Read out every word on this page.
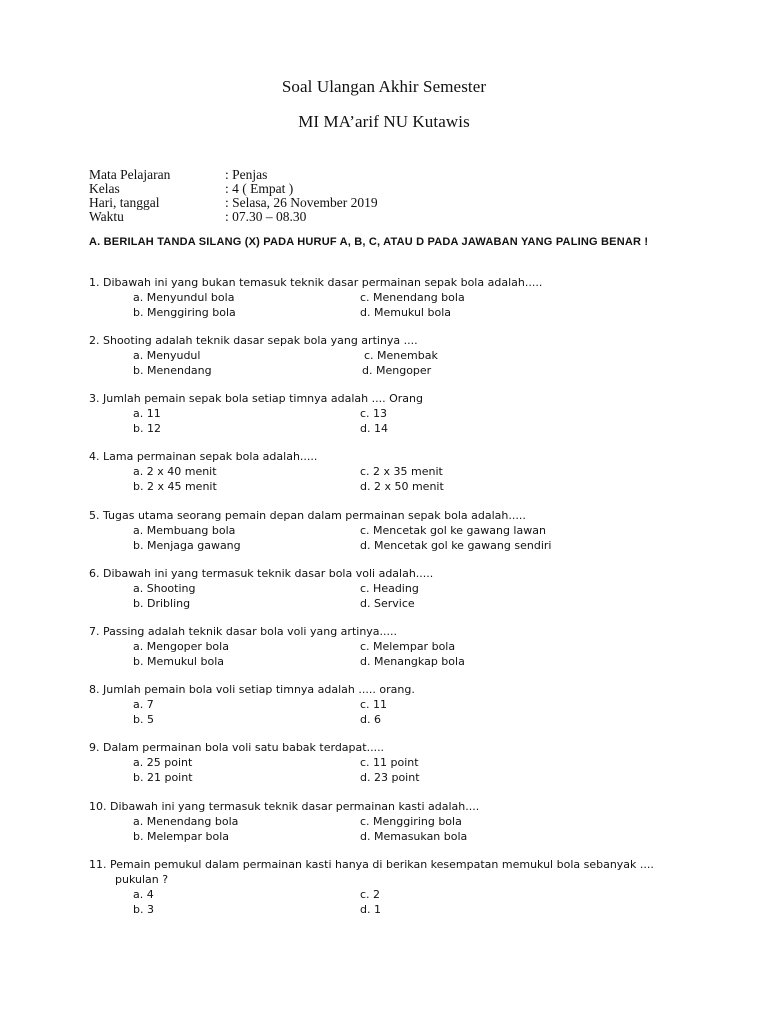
Soal Ulangan Akhir Semester
MI MA’arif NU Kutawis
Mata Pelajaran	: Penjas
Kelas	: 4 ( Empat )
Hari, tanggal	: Selasa, 26 November 2019
Waktu	: 07.30 – 08.30
A. BERILAH TANDA SILANG (X) PADA HURUF A, B, C, ATAU D PADA JAWABAN YANG PALING BENAR !
1. Dibawah ini yang bukan temasuk teknik dasar permainan sepak bola adalah.....
a. Menyundul bola	c. Menendang bola
b. Menggiring bola	d. Memukul bola
2. Shooting adalah teknik dasar sepak bola yang artinya ....
a. Menyudul	c. Menembak
b. Menendang	d. Mengoper
3. Jumlah pemain sepak bola setiap timnya adalah .... Orang
a. 11	c. 13
b. 12	d. 14
4. Lama permainan sepak bola adalah.....
a. 2 x 40 menit	c. 2 x 35 menit
b. 2 x 45 menit	d. 2 x 50 menit
5. Tugas utama seorang pemain depan dalam permainan sepak bola adalah.....
a. Membuang bola	c. Mencetak gol ke gawang lawan
b. Menjaga gawang	d. Mencetak gol ke gawang sendiri
6. Dibawah ini yang termasuk teknik dasar bola voli adalah.....
a. Shooting	c. Heading
b. Dribling	d. Service
7. Passing adalah teknik dasar bola voli yang artinya.....
a. Mengoper bola	c. Melempar bola
b. Memukul bola	d. Menangkap bola
8. Jumlah pemain bola voli setiap timnya adalah ..... orang.
a. 7	c. 11
b. 5	d. 6
9. Dalam permainan bola voli satu babak terdapat.....
a. 25 point	c. 11 point
b. 21 point	d. 23 point
10. Dibawah ini yang termasuk teknik dasar permainan kasti adalah....
a. Menendang bola	c. Menggiring bola
b. Melempar bola	d. Memasukan bola
11. Pemain pemukul dalam permainan kasti hanya di berikan kesempatan memukul bola sebanyak ....
pukulan ?
a. 4	c. 2
b. 3	d. 1
